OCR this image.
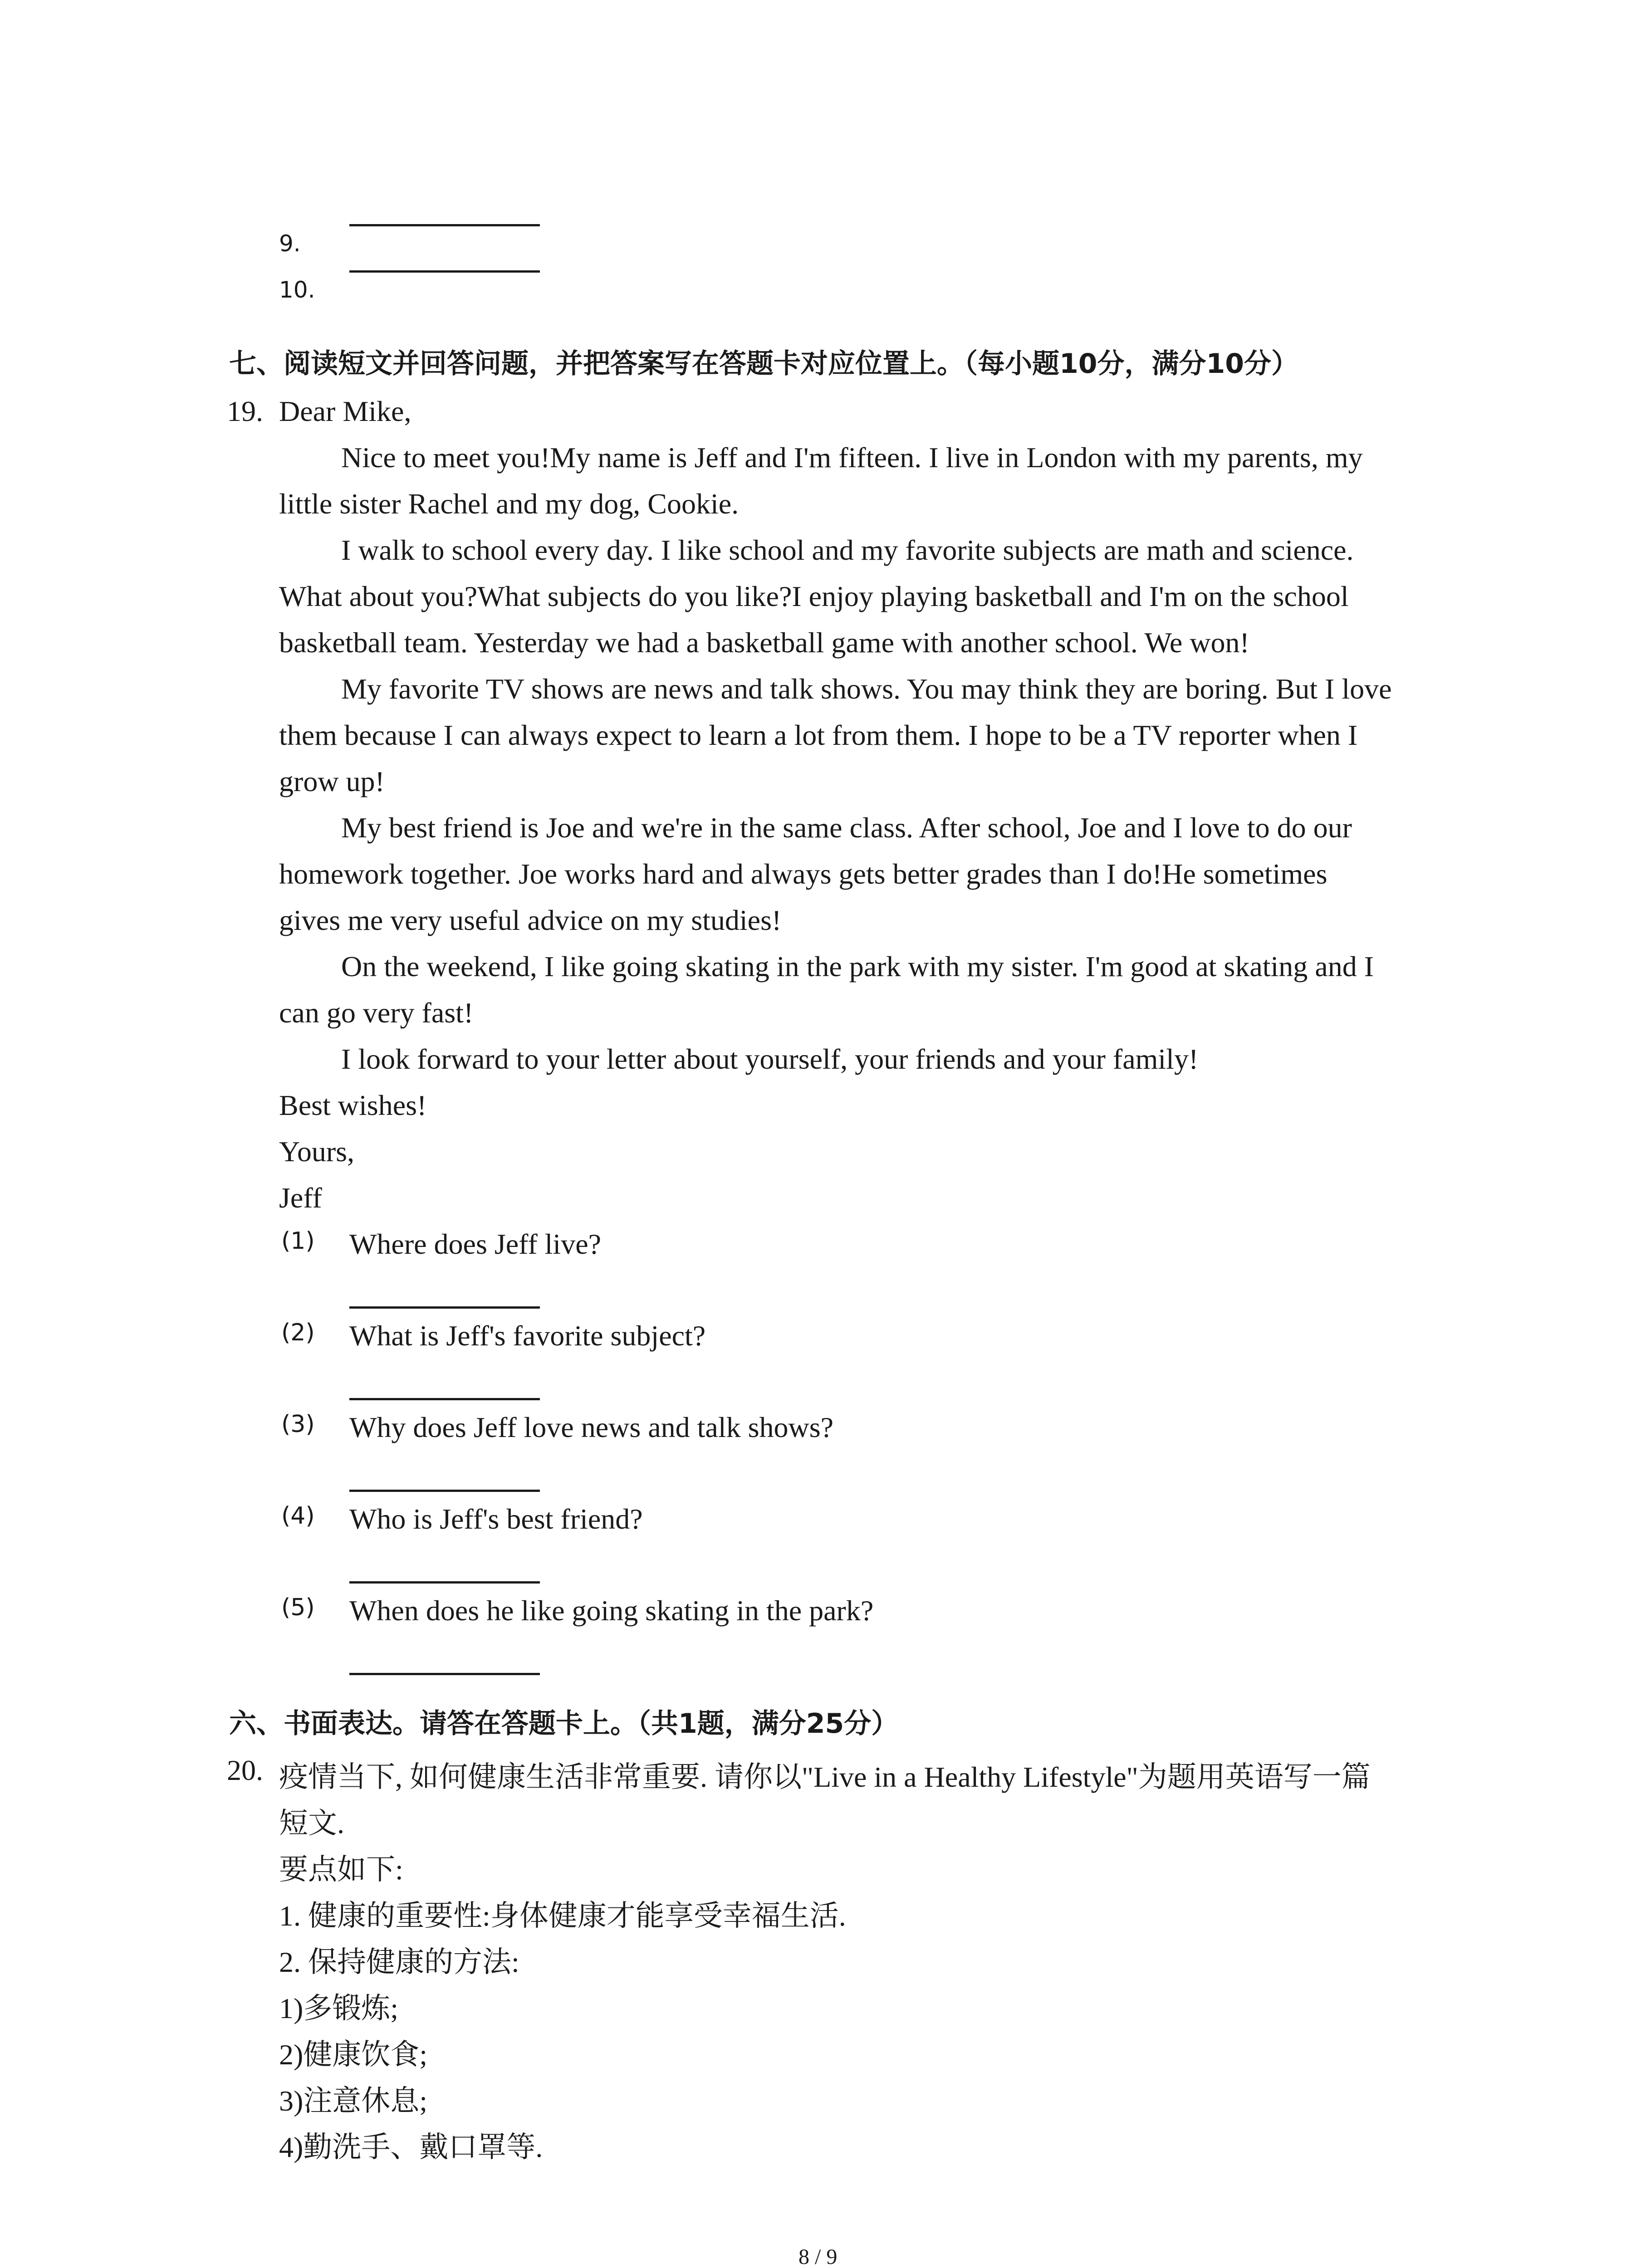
9.
10.
七、阅读短文并回答问题，并把答案写在答题卡对应位置上。（每小题10分，满分10分）
19. Dear Mike,
Nice to meet you!My name is Jeff and I'm fifteen. I live in London with my parents, my
little sister Rachel and my dog, Cookie.
I walk to school every day. I like school and my favorite subjects are math and science.
What about you?What subjects do you like?I enjoy playing basketball and I'm on the school
basketball team. Yesterday we had a basketball game with another school. We won!
My favorite TV shows are news and talk shows. You may think they are boring. But I love
them because I can always expect to learn a lot from them. I hope to be a TV reporter when I
grow up!
My best friend is Joe and we're in the same class. After school, Joe and I love to do our
homework together. Joe works hard and always gets better grades than I do!He sometimes
gives me very useful advice on my studies!
On the weekend, I like going skating in the park with my sister. I'm good at skating and I
can go very fast!
I look forward to your letter about yourself, your friends and your family!
Best wishes!
Yours,
Jeff
(1) Where does Jeff live?
(2) What is Jeff's favorite subject?
(3) Why does Jeff love news and talk shows?
(4) Who is Jeff's best friend?
(5) When does he like going skating in the park?
六、书面表达。请答在答题卡上。（共1题，满分25分）
20. 疫情当下, 如何健康生活非常重要. 请你以"Live in a Healthy Lifestyle"为题用英语写一篇
短文.
要点如下:
1. 健康的重要性:身体健康才能享受幸福生活.
2. 保持健康的方法:
1)多锻炼;
2)健康饮食;
3)注意休息;
4)勤洗手、戴口罩等.
8 / 9
